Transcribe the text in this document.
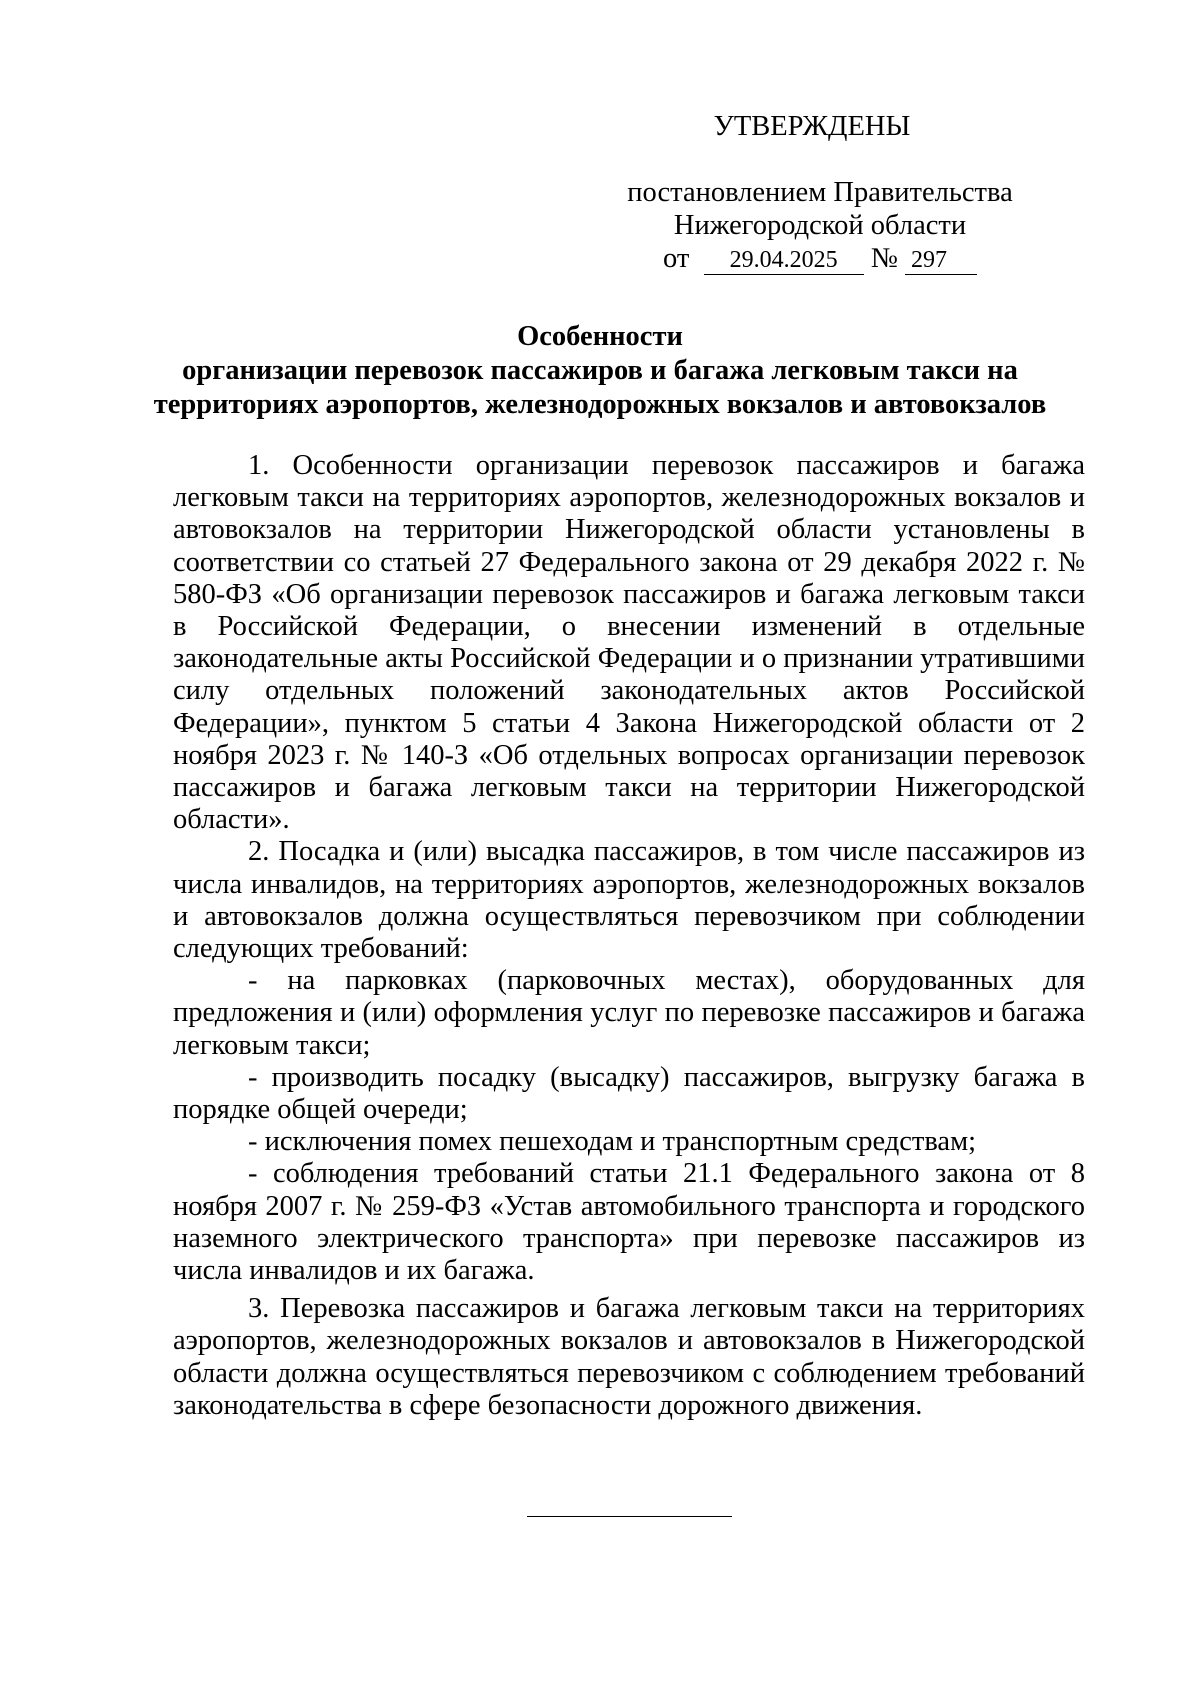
УТВЕРЖДЕНЫ
постановлением Правительства
Нижегородской области
от 29.04.2025 № 297
Особенности
организации перевозок пассажиров и багажа легковым такси на
территориях аэропортов, железнодорожных вокзалов и автовокзалов

1. Особенности организации перевозок пассажиров и багажа легковым такси на территориях аэропортов, железнодорожных вокзалов и автовокзалов на территории Нижегородской области установлены в соответствии со статьей 27 Федерального закона от 29 декабря 2022 г. № 580-ФЗ «Об организации перевозок пассажиров и багажа легковым такси в Российской Федерации, о внесении изменений в отдельные законодательные акты Российской Федерации и о признании утратившими силу отдельных положений законодательных актов Российской Федерации», пунктом 5 статьи 4 Закона Нижегородской области от 2 ноября 2023 г. № 140-З «Об отдельных вопросах организации перевозок пассажиров и багажа легковым такси на территории Нижегородской области».

2. Посадка и (или) высадка пассажиров, в том числе пассажиров из числа инвалидов, на территориях аэропортов, железнодорожных вокзалов и автовокзалов должна осуществляться перевозчиком при соблюдении следующих требований:

- на парковках (парковочных местах), оборудованных для предложения и (или) оформления услуг по перевозке пассажиров и багажа легковым такси;

- производить посадку (высадку) пассажиров, выгрузку багажа в порядке общей очереди;

- исключения помех пешеходам и транспортным средствам;

- соблюдения требований статьи 21.1 Федерального закона от 8 ноября 2007 г. № 259-ФЗ «Устав автомобильного транспорта и городского наземного электрического транспорта» при перевозке пассажиров из числа инвалидов и их багажа.

3. Перевозка пассажиров и багажа легковым такси на территориях аэропортов, железнодорожных вокзалов и автовокзалов в Нижегородской области должна осуществляться перевозчиком с соблюдением требований законодательства в сфере безопасности дорожного движения.
